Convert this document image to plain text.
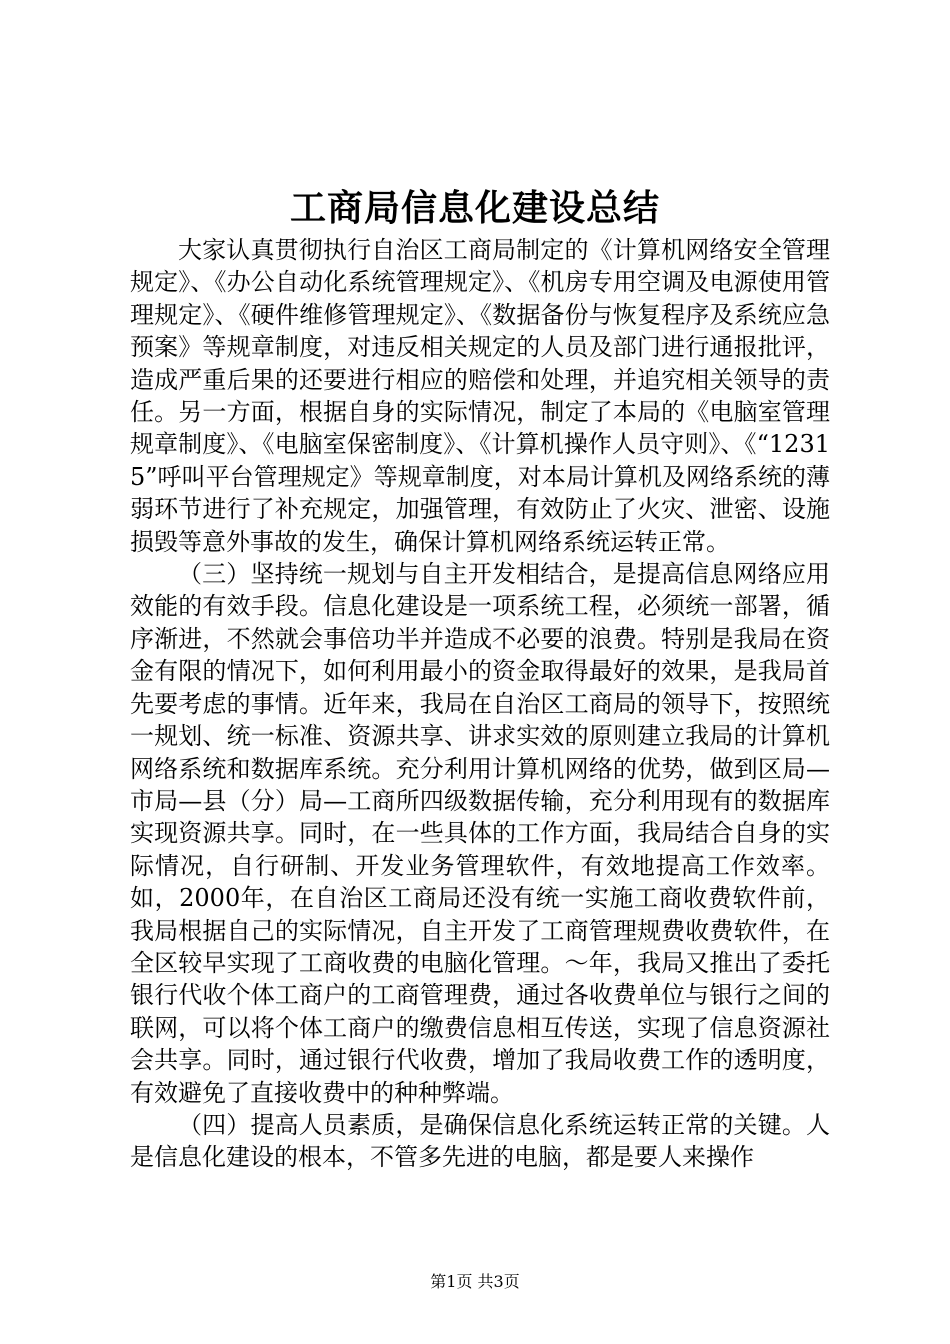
工商局信息化建设总结

大家认真贯彻执行自治区工商局制定的《计算机网络安全管理规定》、《办公自动化系统管理规定》、《机房专用空调及电源使用管理规定》、《硬件维修管理规定》、《数据备份与恢复程序及系统应急预案》等规章制度，对违反相关规定的人员及部门进行通报批评，造成严重后果的还要进行相应的赔偿和处理，并追究相关领导的责任。另一方面，根据自身的实际情况，制定了本局的《电脑室管理规章制度》、《电脑室保密制度》、《计算机操作人员守则》、《“12315”呼叫平台管理规定》等规章制度，对本局计算机及网络系统的薄弱环节进行了补充规定，加强管理，有效防止了火灾、泄密、设施损毁等意外事故的发生，确保计算机网络系统运转正常。

（三）坚持统一规划与自主开发相结合，是提高信息网络应用效能的有效手段。信息化建设是一项系统工程，必须统一部署，循序渐进，不然就会事倍功半并造成不必要的浪费。特别是我局在资金有限的情况下，如何利用最小的资金取得最好的效果，是我局首先要考虑的事情。近年来，我局在自治区工商局的领导下，按照统一规划、统一标准、资源共享、讲求实效的原则建立我局的计算机网络系统和数据库系统。充分利用计算机网络的优势，做到区局—市局—县（分）局—工商所四级数据传输，充分利用现有的数据库实现资源共享。同时，在一些具体的工作方面，我局结合自身的实际情况，自行研制、开发业务管理软件，有效地提高工作效率。如，2000年，在自治区工商局还没有统一实施工商收费软件前，我局根据自己的实际情况，自主开发了工商管理规费收费软件，在全区较早实现了工商收费的电脑化管理。～年，我局又推出了委托银行代收个体工商户的工商管理费，通过各收费单位与银行之间的联网，可以将个体工商户的缴费信息相互传送，实现了信息资源社会共享。同时，通过银行代收费，增加了我局收费工作的透明度，有效避免了直接收费中的种种弊端。

（四）提高人员素质，是确保信息化系统运转正常的关键。人是信息化建设的根本，不管多先进的电脑，都是要人来操作

第1页 共3页
